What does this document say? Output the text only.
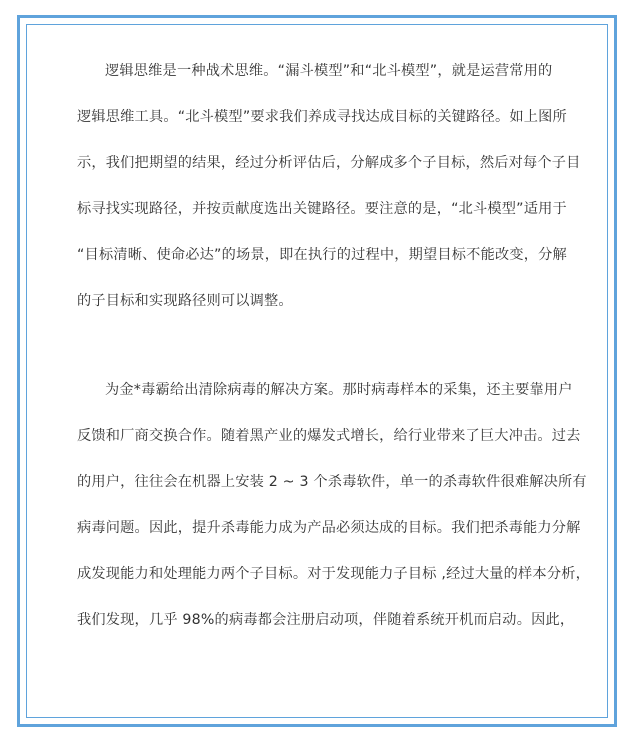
逻辑思维是一种战术思维。“漏斗模型”和“北斗模型”，就是运营常用的
逻辑思维工具。“北斗模型”要求我们养成寻找达成目标的关键路径。如上图所
示，我们把期望的结果，经过分析评估后，分解成多个子目标，然后对每个子目
标寻找实现路径，并按贡献度选出关键路径。要注意的是，“北斗模型”适用于
“目标清晰、使命必达”的场景，即在执行的过程中，期望目标不能改变，分解
的子目标和实现路径则可以调整。
为金*毒霸给出清除病毒的解决方案。那时病毒样本的采集，还主要靠用户
反馈和厂商交换合作。随着黑产业的爆发式增长，给行业带来了巨大冲击。过去
的用户，往往会在机器上安装 2 ~ 3 个杀毒软件，单一的杀毒软件很难解决所有
病毒问题。因此，提升杀毒能力成为产品必须达成的目标。我们把杀毒能力分解
成发现能力和处理能力两个子目标。对于发现能力子目标 ,经过大量的样本分析，
我们发现，几乎 98%的病毒都会注册启动项，伴随着系统开机而启动。因此，
